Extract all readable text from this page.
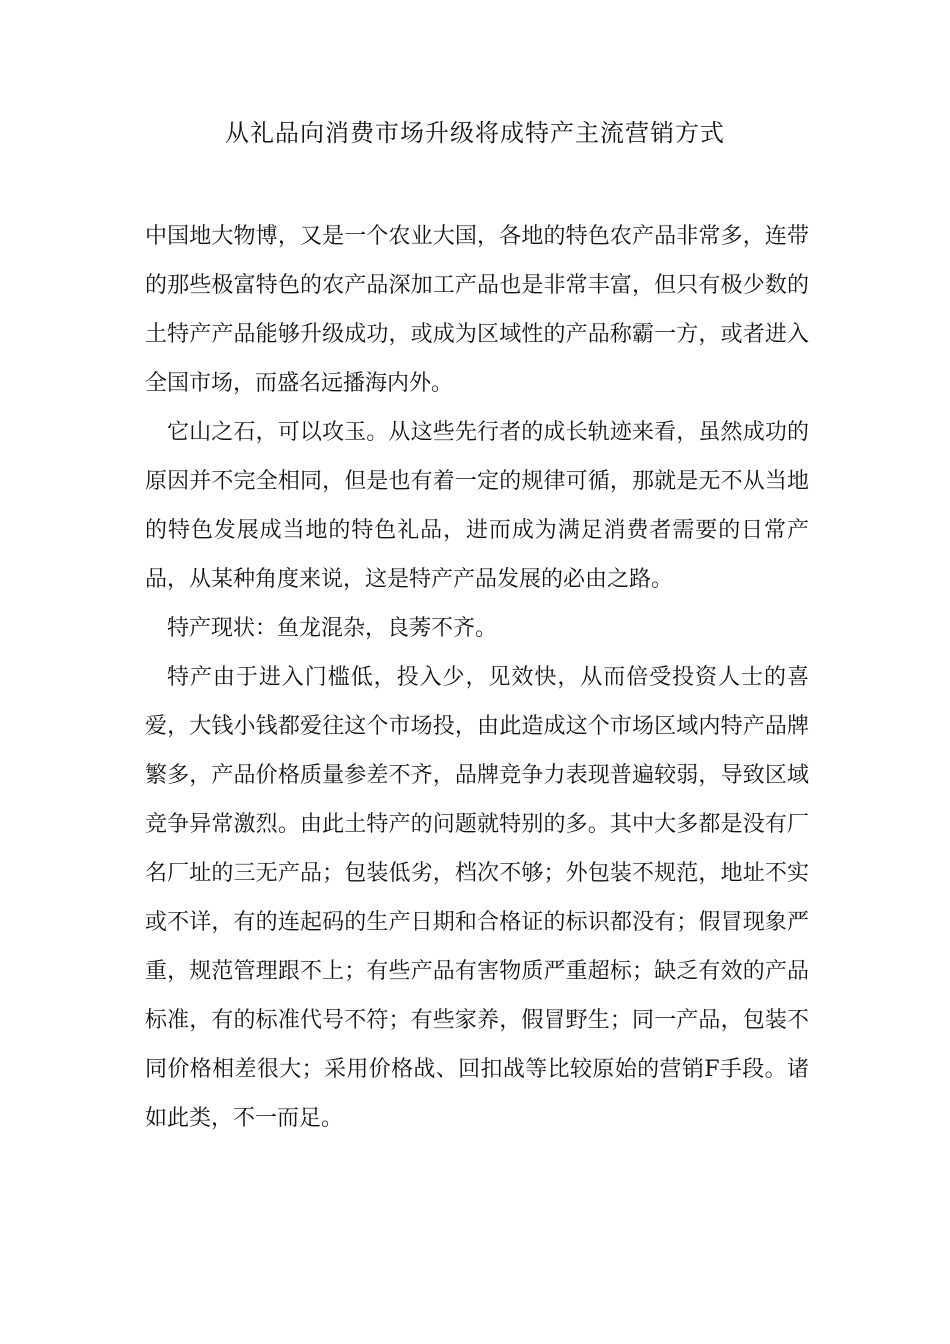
从礼品向消费市场升级将成特产主流营销方式

中国地大物博，又是一个农业大国，各地的特色农产品非常多，连带的那些极富特色的农产品深加工产品也是非常丰富，但只有极少数的土特产产品能够升级成功，或成为区域性的产品称霸一方，或者进入全国市场，而盛名远播海内外。

它山之石，可以攻玉。从这些先行者的成长轨迹来看，虽然成功的原因并不完全相同，但是也有着一定的规律可循，那就是无不从当地的特色发展成当地的特色礼品，进而成为满足消费者需要的日常产品，从某种角度来说，这是特产产品发展的必由之路。

特产现状：鱼龙混杂，良莠不齐。

特产由于进入门槛低，投入少，见效快，从而倍受投资人士的喜爱，大钱小钱都爱往这个市场投，由此造成这个市场区域内特产品牌繁多，产品价格质量参差不齐，品牌竞争力表现普遍较弱，导致区域竞争异常激烈。由此土特产的问题就特别的多。其中大多都是没有厂名厂址的三无产品；包装低劣，档次不够；外包装不规范，地址不实或不详，有的连起码的生产日期和合格证的标识都没有；假冒现象严重，规范管理跟不上；有些产品有害物质严重超标；缺乏有效的产品标准，有的标准代号不符；有些家养，假冒野生；同一产品，包装不同价格相差很大；采用价格战、回扣战等比较原始的营销F手段。诸如此类，不一而足。
